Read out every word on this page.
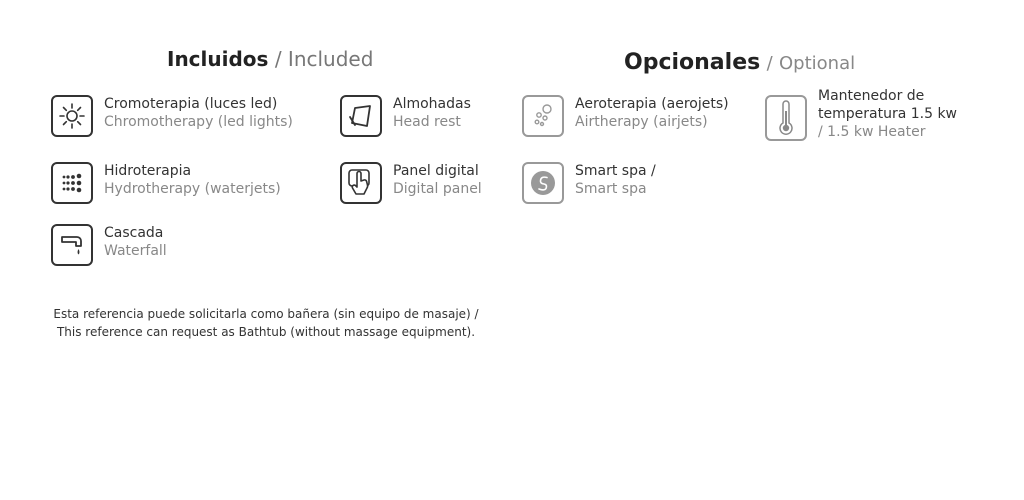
Incluidos / Included	Opcionales / Optional
Cromoterapia (luces led)
Chromotherapy (led lights)
Almohadas
Head rest
Hidroterapia
Hydrotherapy (waterjets)
Panel digital
Digital panel
Cascada
Waterfall
Aeroterapia (aerojets)
Airtherapy (airjets)
Mantenedor de
temperatura 1.5 kw
/ 1.5 kw Heater
Smart spa /
Smart spa
Esta referencia puede solicitarla como bañera (sin equipo de masaje) / This reference can request as Bathtub (without massage equipment).
